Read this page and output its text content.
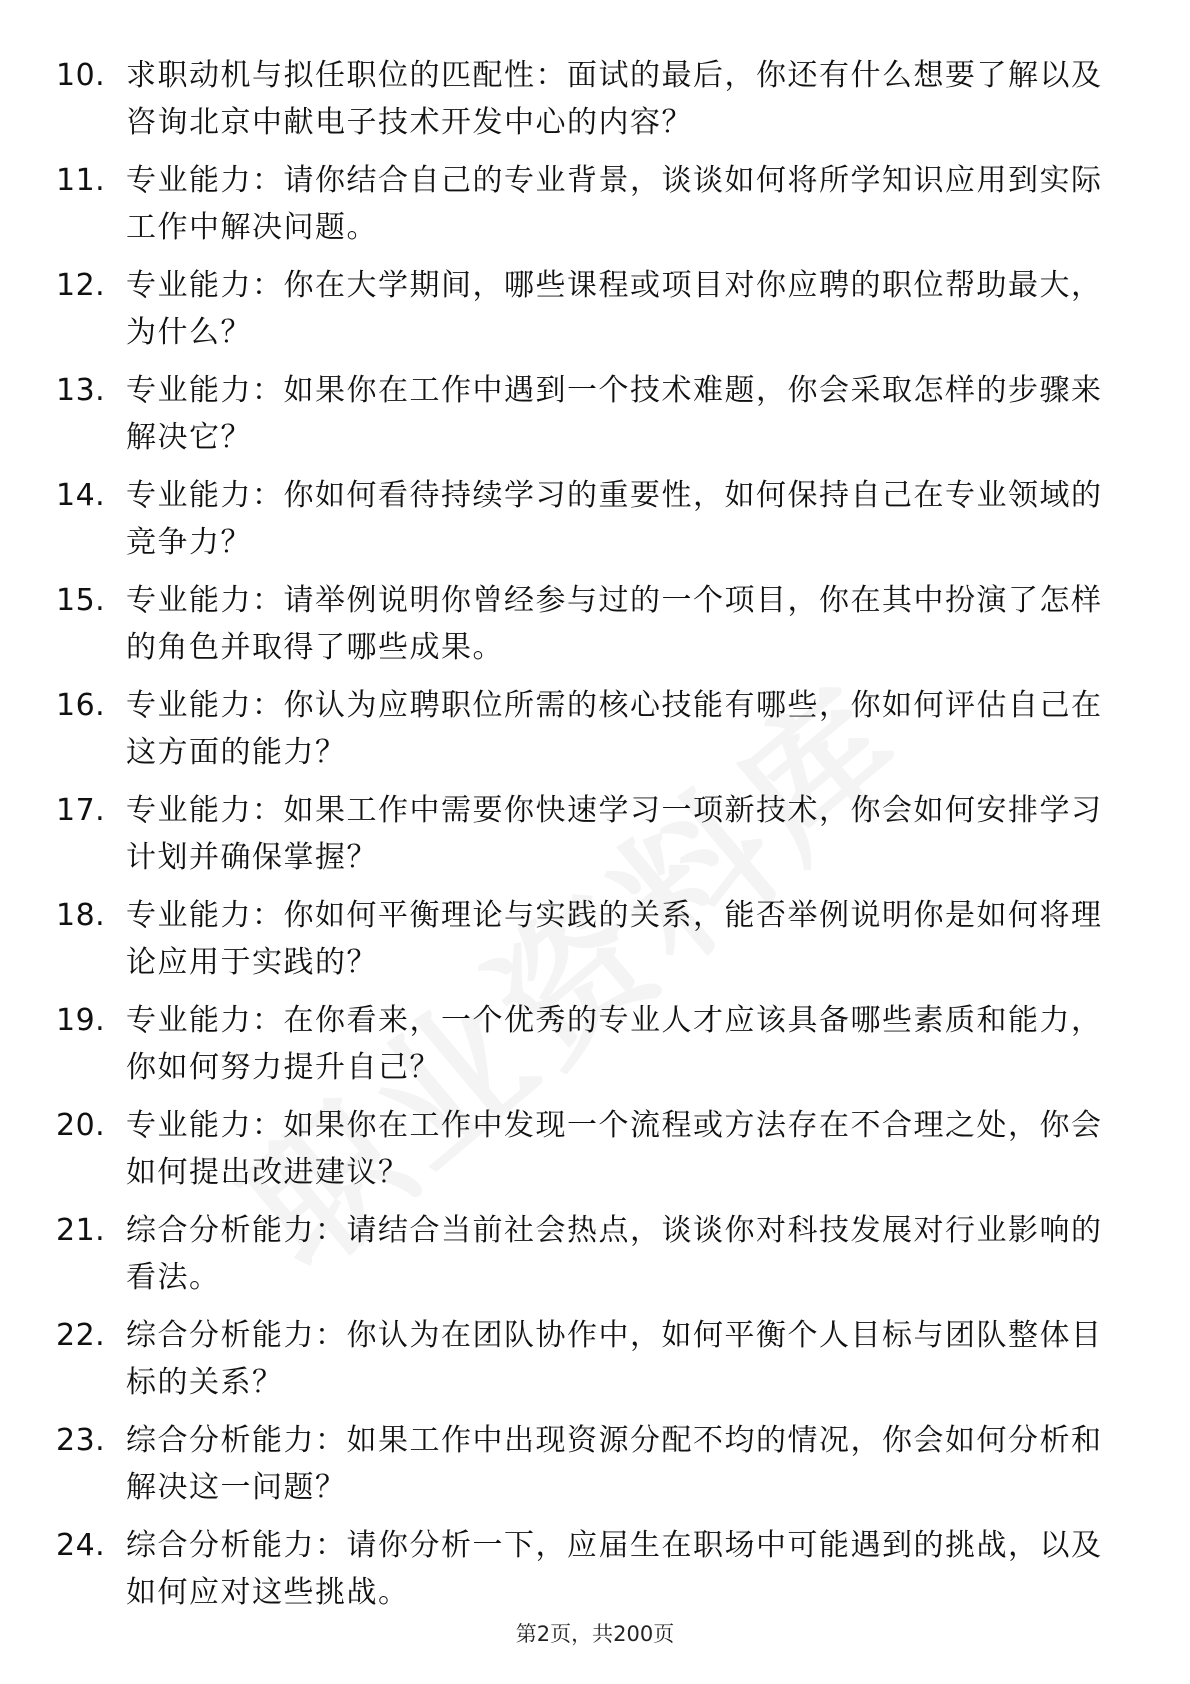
10. 求职动机与拟任职位的匹配性：面试的最后，你还有什么想要了解以及咨询北京中献电子技术开发中心的内容？
11. 专业能力：请你结合自己的专业背景，谈谈如何将所学知识应用到实际工作中解决问题。
12. 专业能力：你在大学期间，哪些课程或项目对你应聘的职位帮助最大，为什么？
13. 专业能力：如果你在工作中遇到一个技术难题，你会采取怎样的步骤来解决它？
14. 专业能力：你如何看待持续学习的重要性，如何保持自己在专业领域的竞争力？
15. 专业能力：请举例说明你曾经参与过的一个项目，你在其中扮演了怎样的角色并取得了哪些成果。
16. 专业能力：你认为应聘职位所需的核心技能有哪些，你如何评估自己在这方面的能力？
17. 专业能力：如果工作中需要你快速学习一项新技术，你会如何安排学习计划并确保掌握？
18. 专业能力：你如何平衡理论与实践的关系，能否举例说明你是如何将理论应用于实践的？
19. 专业能力：在你看来，一个优秀的专业人才应该具备哪些素质和能力，你如何努力提升自己？
20. 专业能力：如果你在工作中发现一个流程或方法存在不合理之处，你会如何提出改进建议？
21. 综合分析能力：请结合当前社会热点，谈谈你对科技发展对行业影响的看法。
22. 综合分析能力：你认为在团队协作中，如何平衡个人目标与团队整体目标的关系？
23. 综合分析能力：如果工作中出现资源分配不均的情况，你会如何分析和解决这一问题？
24. 综合分析能力：请你分析一下，应届生在职场中可能遇到的挑战，以及如何应对这些挑战。
第2页，共200页
